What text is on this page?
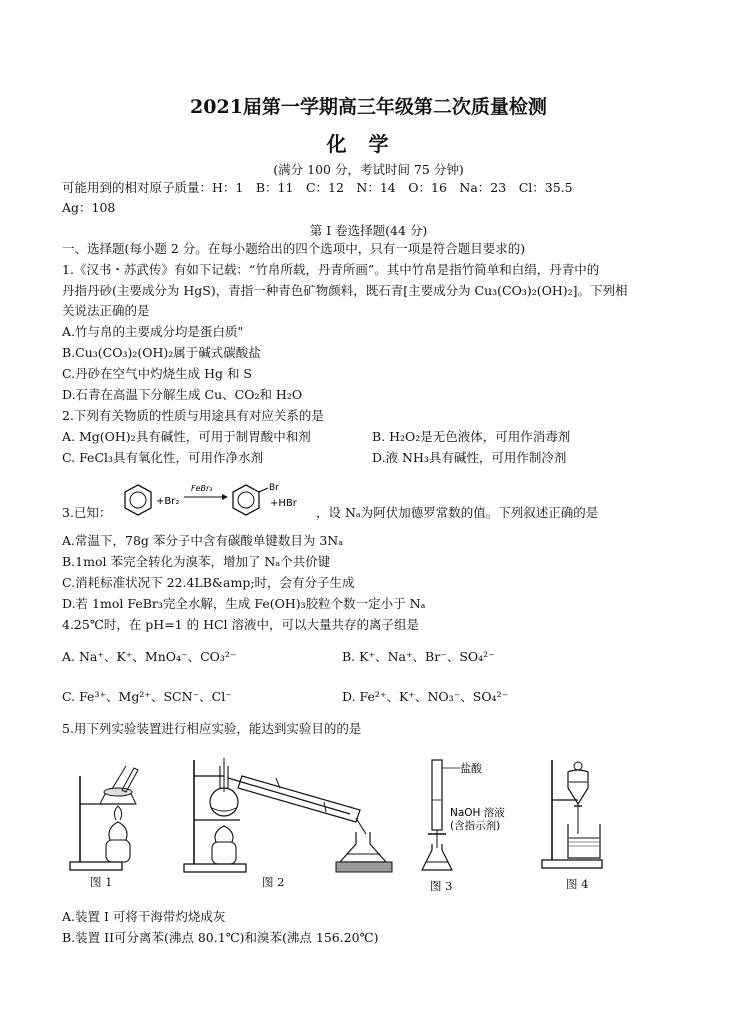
2021届第一学期高三年级第二次质量检测
化学
(满分 100 分，考试时间 75 分钟)
可能用到的相对原子质量：H：1　B：11　C：12　N：14　O：16　Na：23　Cl：35.5
Ag：108
第 I 卷选择题(44 分)
一、选择题(每小题 2 分。在每小题给出的四个选项中，只有一项是符合题目要求的)
1.《汉书・苏武传》有如下记载：“竹帛所载，丹青所画”。其中竹帛是指竹简单和白绢，丹青中的
丹指丹砂(主要成分为 HgS)，青指一种青色矿物颜料，既石青[主要成分为 Cu₃(CO₃)₂(OH)₂]。下列相
关说法正确的是
A.竹与帛的主要成分均是蛋白质"
B.Cu₃(CO₃)₂(OH)₂属于碱式碳酸盐
C.丹砂在空气中灼烧生成 Hg 和 S
D.石青在高温下分解生成 Cu、CO₂和 H₂O
2.下列有关物质的性质与用途具有对应关系的是
A. Mg(OH)₂具有碱性，可用于制胃酸中和剂	B. H₂O₂是无色液体，可用作消毒剂
C. FeCl₃具有氧化性，可用作净水剂	D.液 NH₃具有碱性，可用作制冷剂
3.已知：
+Br₂
FeBr₃	Br
+HBr
，设 Nₐ为阿伏加德罗常数的值。下列叙述正确的是
A.常温下，78g 苯分子中含有碳酸单键数目为 3Nₐ
B.1mol 苯完全转化为溴苯，增加了 Nₐ个共价键
C.消耗标准状况下 22.4LB&amp;时，会有分子生成
D.若 1mol FeBr₃完全水解，生成 Fe(OH)₃胶粒个数一定小于 Nₐ
4.25℃时，在 pH=1 的 HCl 溶液中，可以大量共存的离子组是
A. Na⁺、K⁺、MnO₄⁻、CO₃²⁻	B. K⁺、Na⁺、Br⁻、SO₄²⁻
C. Fe³⁺、Mg²⁺、SCN⁻、Cl⁻	D. Fe²⁺、K⁺、NO₃⁻、SO₄²⁻
5.用下列实验装置进行相应实验，能达到实验目的的是
图 1	图 2
盐酸
NaOH 溶液
(含指示剂)
图 3	图 4
A.装置 I 可将干海带灼烧成灰
B.装置 II可分离苯(沸点 80.1℃)和溴苯(沸点 156.20℃)
